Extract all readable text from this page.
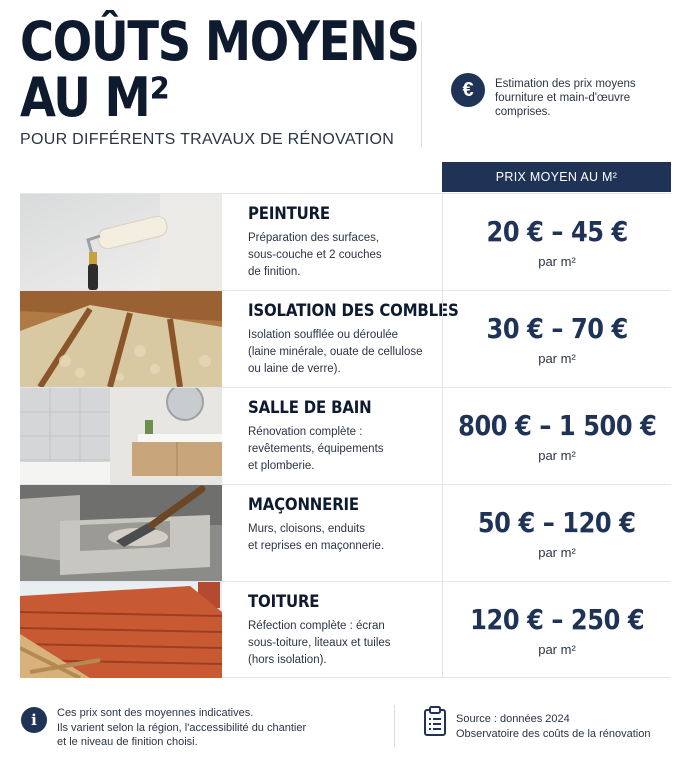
COÛTS MOYENS
AU M²
POUR DIFFÉRENTS TRAVAUX DE RÉNOVATION
€	Estimation des prix moyens fourniture et main-d'œuvre comprises.
PRIX MOYEN AU M²
PEINTURE
Préparation des surfaces,
sous-couche et 2 couches
de finition.
20 € – 45 €
par m²
ISOLATION DES COMBLES
Isolation soufflée ou déroulée
(laine minérale, ouate de cellulose
ou laine de verre).
30 € – 70 €
par m²
SALLE DE BAIN
Rénovation complète :
revêtements, équipements
et plomberie.
800 € – 1 500 €
par m²
MAÇONNERIE
Murs, cloisons, enduits
et reprises en maçonnerie.
50 € – 120 €
par m²
TOITURE
Réfection complète : écran
sous-toiture, liteaux et tuiles
(hors isolation).
120 € – 250 €
par m²
i	Ces prix sont des moyennes indicatives.
Ils varient selon la région, l'accessibilité du chantier
et le niveau de finition choisi.
Source : données 2024
Observatoire des coûts de la rénovation
